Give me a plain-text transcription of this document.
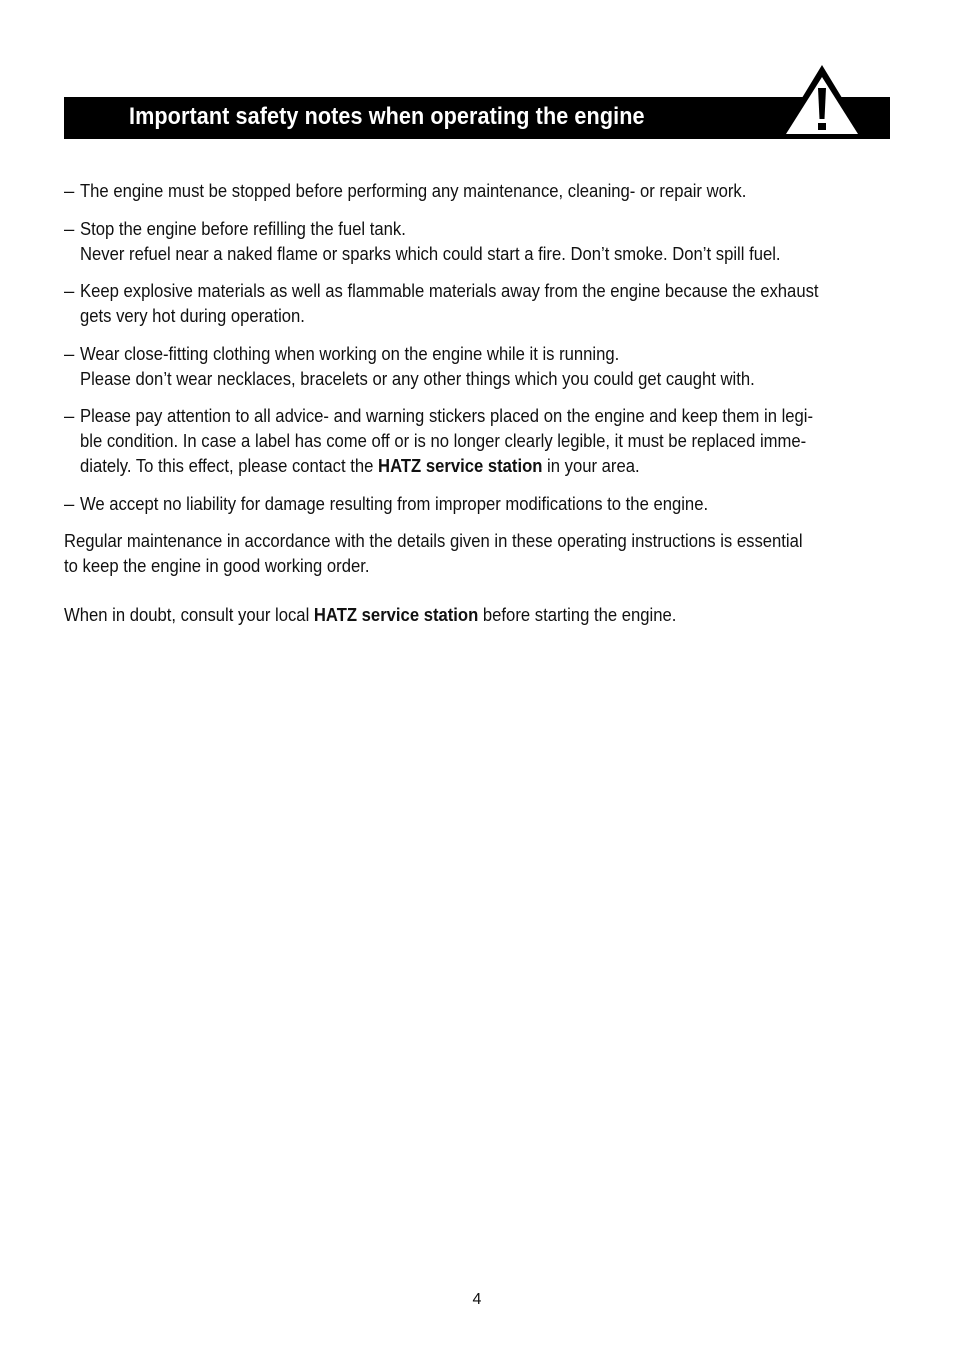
Important safety notes when operating the engine
– The engine must be stopped before performing any maintenance, cleaning- or repair work.
– Stop the engine before refilling the fuel tank.
Never refuel near a naked flame or sparks which could start a fire. Don’t smoke. Don’t spill fuel.
– Keep explosive materials as well as flammable materials away from the engine because the exhaust
gets very hot during operation.
– Wear close-fitting clothing when working on the engine while it is running.
Please don’t wear necklaces, bracelets or any other things which you could get caught with.
– Please pay attention to all advice- and warning stickers placed on the engine and keep them in legi-
ble condition. In case a label has come off or is no longer clearly legible, it must be replaced imme-
diately. To this effect, please contact the HATZ service station in your area.
– We accept no liability for damage resulting from improper modifications to the engine.

Regular maintenance in accordance with the details given in these operating instructions is essential
to keep the engine in good working order.

When in doubt, consult your local HATZ service station before starting the engine.

4
